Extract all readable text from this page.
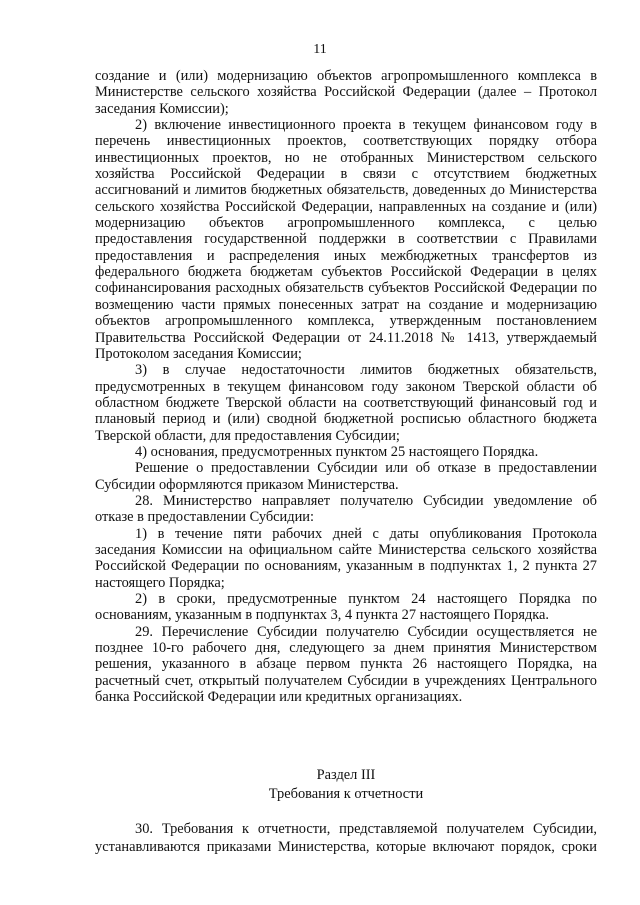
11

создание и (или) модернизацию объектов агропромышленного комплекса в Министерстве сельского хозяйства Российской Федерации (далее – Протокол заседания Комиссии);

2) включение инвестиционного проекта в текущем финансовом году в перечень инвестиционных проектов, соответствующих порядку отбора инвестиционных проектов, но не отобранных Министерством сельского хозяйства Российской Федерации в связи с отсутствием бюджетных ассигнований и лимитов бюджетных обязательств, доведенных до Министерства сельского хозяйства Российской Федерации, направленных на создание и (или) модернизацию объектов агропромышленного комплекса, с целью предоставления государственной поддержки в соответствии с Правилами предоставления и распределения иных межбюджетных трансфертов из федерального бюджета бюджетам субъектов Российской Федерации в целях софинансирования расходных обязательств субъектов Российской Федерации по возмещению части прямых понесенных затрат на создание и модернизацию объектов агропромышленного комплекса, утвержденным постановлением Правительства Российской Федерации от 24.11.2018 № 1413, утверждаемый Протоколом заседания Комиссии;

3) в случае недостаточности лимитов бюджетных обязательств, предусмотренных в текущем финансовом году законом Тверской области об областном бюджете Тверской области на соответствующий финансовый год и плановый период и (или) сводной бюджетной росписью областного бюджета Тверской области, для предоставления Субсидии;

4) основания, предусмотренных пунктом 25 настоящего Порядка.

Решение о предоставлении Субсидии или об отказе в предоставлении Субсидии оформляются приказом Министерства.

28. Министерство направляет получателю Субсидии уведомление об отказе в предоставлении Субсидии:

1) в течение пяти рабочих дней с даты опубликования Протокола заседания Комиссии на официальном сайте Министерства сельского хозяйства Российской Федерации по основаниям, указанным в подпунктах 1, 2 пункта 27 настоящего Порядка;

2) в сроки, предусмотренные пунктом 24 настоящего Порядка по основаниям, указанным в подпунктах 3, 4 пункта 27 настоящего Порядка.

29. Перечисление Субсидии получателю Субсидии осуществляется не позднее 10-го рабочего дня, следующего за днем принятия Министерством решения, указанного в абзаце первом пункта 26 настоящего Порядка, на расчетный счет, открытый получателем Субсидии в учреждениях Центрального банка Российской Федерации или кредитных организациях.

Раздел III
Требования к отчетности

30. Требования к отчетности, представляемой получателем Субсидии, устанавливаются приказами Министерства, которые включают порядок, сроки
